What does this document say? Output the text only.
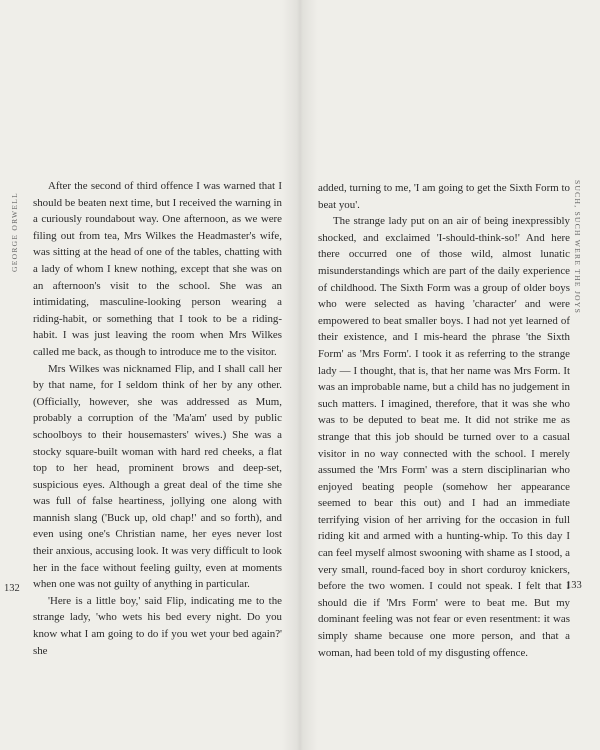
GEORGE ORWELL

After the second of third offence I was warned that I should be beaten next time, but I received the warning in a curiously roundabout way. One afternoon, as we were filing out from tea, Mrs Wilkes the Headmaster's wife, was sitting at the head of one of the tables, chatting with a lady of whom I knew nothing, except that she was on an afternoon's visit to the school. She was an intimidating, masculine-looking person wearing a riding-habit, or something that I took to be a riding-habit. I was just leaving the room when Mrs Wilkes called me back, as though to introduce me to the visitor.

Mrs Wilkes was nicknamed Flip, and I shall call her by that name, for I seldom think of her by any other. (Officially, however, she was addressed as Mum, probably a corruption of the 'Ma'am' used by public schoolboys to their housemasters' wives.) She was a stocky square-built woman with hard red cheeks, a flat top to her head, prominent brows and deep-set, suspicious eyes. Although a great deal of the time she was full of false heartiness, jollying one along with mannish slang ('Buck up, old chap!' and so forth), and even using one's Christian name, her eyes never lost their anxious, accusing look. It was very difficult to look her in the face without feeling guilty, even at moments when one was not guilty of anything in particular.

'Here is a little boy,' said Flip, indicating me to the strange lady, 'who wets his bed every night. Do you know what I am going to do if you wet your bed again?' she

132
SUCH, SUCH WERE THE JOYS

added, turning to me, 'I am going to get the Sixth Form to beat you'.

The strange lady put on an air of being inexpressibly shocked, and exclaimed 'I-should-think-so!' And here there occurred one of those wild, almost lunatic misunderstandings which are part of the daily experience of childhood. The Sixth Form was a group of older boys who were selected as having 'character' and were empowered to beat smaller boys. I had not yet learned of their existence, and I mis-heard the phrase 'the Sixth Form' as 'Mrs Form'. I took it as referring to the strange lady — I thought, that is, that her name was Mrs Form. It was an improbable name, but a child has no judgement in such matters. I imagined, therefore, that it was she who was to be deputed to beat me. It did not strike me as strange that this job should be turned over to a casual visitor in no way connected with the school. I merely assumed the 'Mrs Form' was a stern disciplinarian who enjoyed beating people (somehow her appearance seemed to bear this out) and I had an immediate terrifying vision of her arriving for the occasion in full riding kit and armed with a hunting-whip. To this day I can feel myself almost swooning with shame as I stood, a very small, round-faced boy in short corduroy knickers, before the two women. I could not speak. I felt that I should die if 'Mrs Form' were to beat me. But my dominant feeling was not fear or even resentment: it was simply shame because one more person, and that a woman, had been told of my disgusting offence.

133
